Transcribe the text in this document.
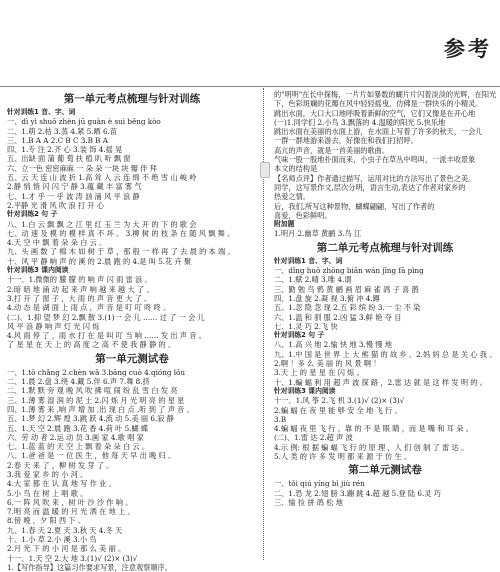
参考
第一单元考点梳理与针对训练
针对训练1 音、字、词
一、dì yì shuō zhèn jū guàn è suì bēng kòo
二、1.萌 2.枯 3.蒸 4.紧 5.晒 6.苗
三、1.B A A 2.C B C 3.B B A
四、1.专 注 2.齐 心 3.装 饰 4.摇 晃
五、出缺 面 蒲 葡 萄 扶 植 叭 听 飘 窗
六、立一色 密密麻麻 一 朵 朵 一块 块 瓣 伴 拜
五、云 天 连 山 波 折 1.高 耸 入 云 连 绵 不 绝 雪 山 峻 岭
2.静 悄 悄 闪 闪 宁 静 3.蕴 藏 丰 富 雾 气
七、1.才 乎 一 乎 波 涛 汹 涌 风 平 浪 静
2.平静 光 滑 风 吹 浪 打 开 心
针对训练2 句 子
八、1.白 云 飘 飘 之 江 里 红 玉 兰 为 大 开 的 下 的 歌 会
七、动 速 及 模 的 模 样 真 不 坏 。 3.柳 树 的 枝 条 在 随 风 飘 舞 。
4.天 空 中 飘 着 朵 朵 白 云 。
九、头 画 数 了 棉 木 如 树 于 草 ，那 般 一 样 再 了 去 晨 的 本 端 。
十、风 平 静 响 声 的 溪 的 2.晨 跑 的 4.是 叫 5.花 卉 聚
针对训练3 课内阅读
十一、1.微微的 朦 朦 的 响 声 闪 雨 雷 浪 。
2.暗 暗 地 涌 动 起 来 声 响 越 来 越 大 了 。
3.打 开 了 窗 子 ，大 雨 的 声 音 更 大 了 。
4.动 态 是 湖 面 上 雨 点 ，声 音 是 叮 叮 咚 咚 。
(二)、1.抑 望 梦 幻 2.飘 散 3.(1)一 会 儿 …… 过 了 一 会 儿
风 平 浪 静 响 声 灯 光 闪 烁
4.风 雨 停 了 ，雨 水 打 在 是 叫 叮 当 响 …… 发 出 声 音 。
了 星 星 在 天 上 的 高 度 之 高 不 使 我 静 静 的 。
第一单元测试卷
一、1.tō chǎng 2.chèn wǎ 3.bāng cuò 4.qióng lōu
二、1.晨 2.盘 3.绕 4.藏 5.伴 6.声 7.舞 8.挤
二、1.默 默 旁 观 晚 风 吹 拂 喧 闹 纷 乱 雪 白 发 亮
三、1.薄 雾 湿 润 的 泥 土 2.闪 烁 月 光 明 亮 的 星 星
四、1.薄 雾 来 ,响 声 增 加 ,出 现 白 点 ,听 到 了 声 音 。
五、1.梦 幻 2.辉 煌 3.跳 跃 4.流 动 5.美 丽 6.寂 静
五、1.天 空 2.晨 跑 3.花 香 4.荷 叶 5.蝴 蝶
六、劳 动 者 2.运 动 员 3.画 家 4.歌 唱 家
七、1.蓝 蓝 的 天 空 上 飘 着 朵 朵 白 云 。
八、1.爸 爸 是 一 位 医 生 ，他 每 天 早 出 晚 归 。
2.春 天 来 了 ，柳 树 发 芽 了 。
3.我 爱 家 乡 的 小 河 。
4.大 家 都 在 认 真 地 写 作 业 。
5.小 鸟 在 树 上 唱 歌 。
6.一 阵 风 吹 来 ，树 叶 沙 沙 作 响 。
7.明 亮 而 温 暖 的 月 光 洒 在 地 上 。
8.傍 晚 ，夕 阳 西 下 。
九、1.春 天 2.夏 天 3.秋 天 4.冬 天
十、1.小 草 2.小 溪 3.小 鸟
2.月 光 下 的 小 河 是 那 么 美 丽 。
十一、1.天 空 2.大 地 3.(1)√ (2)× (3)√
1.【写作指导】这篇习作要求写景，注意观察顺序。
的"明明"在长中探梅，一片片如暴数的蝴片片闪着淡淡的光辉，在阳光
下，色彩斑斓的花瓣在风中轻轻摇曳，仿佛是一群快乐的小精灵。
跳出水面，大口大口地呼吸着新鲜的空气，它们又像是在开心地
(一)1.同学们 2.小鸟 3.飘落的 4.温暖的阳光 5.快乐地
跳出水面在美丽的水面上游，在水面上写着了许多的秋天，一会儿
一群一群地游来游去，好像在和我们打招呼。
高亢的声音，就是一首美丽的歌曲。
气味一股一股地扑面而来，小虫子在草丛中鸣叫，一派丰收景象
本文的结构是
【名师点评】作者通过描写，运用对比的方法写出了景色之美。
同学，这写景作文,层次分明，语言生动,表达了作者对家乡的
热爱之情。
后，我们,所写这种景物，蝴蝶翩翩，写出了作者的
喜爱，色彩鲜明。
附加题
1.明月 2.幽草 黄鹂 3.鸟 江
第二单元考点梳理与针对训练
针对训练1 音、字、词
一、dǐng huǒ zhōng biān wán jīng fā pìng
二、1.赋 2.晴 3.唯 4.谓
三、勤 勉 鸟 鸦 黄 鹂 画 眉 麻 雀 鸽 子 喜 鹊
四、1.盘 旋 2.凝 视 3.俯 冲 4.蹲
五、1.忽 隐 忽 现 2.五 彩 缤 纷 3.一 尘 不 染
六、1.温 和 驯 服 2.凶 猛 3.鲜 艳 夺 目
七、1.灵 巧 2.飞 快
针对训练2 句 子
八、1.高 兴 地 2.愉 快 地 3.慢 慢 地
九、1.中 国 是 世 界 上 大 熊 猫 的 故 乡 。2.妈 妈 总 是 关 心 我 。
2.啊 ！多 么 美 丽 的 风 景 啊 ！
3.天 上 的 星 星 在 闪 烁 。
十、1.蝙 蝠 利 用 超 声 波 探 路 ，2.雷 达 就 是 这 样 发 明 的 。
针对训练3 课内阅读
十一、1.风 筝 2.飞 机 3.(1)√ (2)× (3)√
2.蝙 蝠 在 夜 里 能 够 安 全 地 飞 行 。
3.B
4.蝙 蝠 夜 里 飞 行 ，靠 的 不 是 眼 睛 ，而 是 嘴 和 耳 朵 。
(二)、1.雷 达 2.超 声 波
4.示 例: 根 据 蝙 蝠 飞 行 的 原 理 ，人 们 创 制 了 雷 达 。
5.人 类 的 许 多 发 明 都 来 源 于 仿 生 。
第二单元测试卷
一、tǒi qiú yíng bì jiù rén
二、1.恐 龙 2.翅 膀 3.蹦 跳 4.超 越 5.登 陆 6.灵 巧
三、愉 捡 拼 鸽 松 地
